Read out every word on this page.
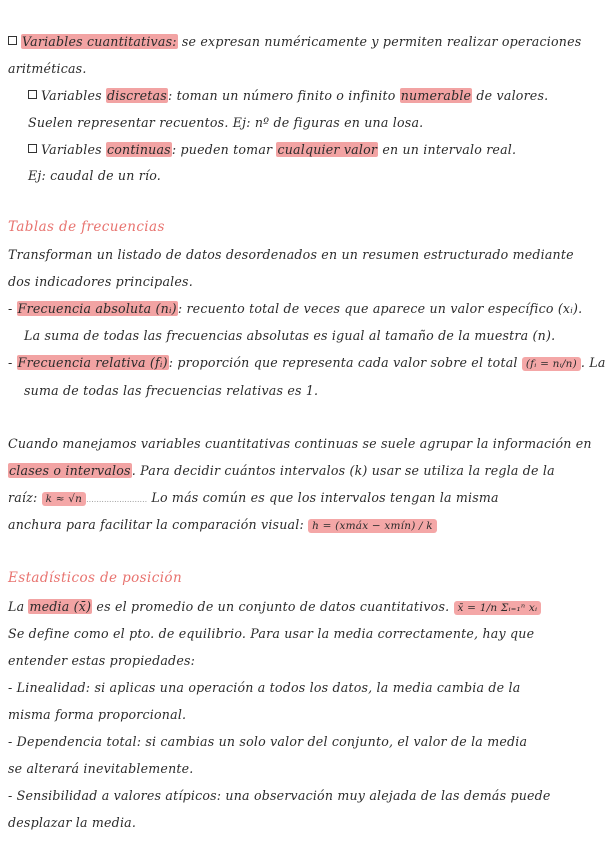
Variables cuantitativas: se expresan numéricamente y permiten realizar operaciones
aritméticas.
Variables discretas: toman un número finito o infinito numerable de valores.
Suelen representar recuentos. Ej: nº de figuras en una losa.
Variables continuas: pueden tomar cualquier valor en un intervalo real.
Ej: caudal de un río.
Tablas de frecuencias
Transforman un listado de datos desordenados en un resumen estructurado mediante
dos indicadores principales.
- Frecuencia absoluta (nᵢ): recuento total de veces que aparece un valor específico (xᵢ).
La suma de todas las frecuencias absolutas es igual al tamaño de la muestra (n).
- Frecuencia relativa (fᵢ): proporción que representa cada valor sobre el total (fᵢ = nᵢ/n) . La
suma de todas las frecuencias relativas es 1.
Cuando manejamos variables cuantitativas continuas se suele agrupar la información en
clases o intervalos. Para decidir cuántos intervalos (k) usar se utiliza la regla de la
raíz: k ≈ √n ........................ Lo más común es que los intervalos tengan la misma
anchura para facilitar la comparación visual: h = (xmáx − xmín) / k
Estadísticos de posición
La media (x̄) es el promedio de un conjunto de datos cuantitativos. x̄ = 1/n Σᵢ₌₁ⁿ xᵢ
Se define como el pto. de equilibrio. Para usar la media correctamente, hay que
entender estas propiedades:
- Linealidad: si aplicas una operación a todos los datos, la media cambia de la
misma forma proporcional.
- Dependencia total: si cambias un solo valor del conjunto, el valor de la media
se alterará inevitablemente.
- Sensibilidad a valores atípicos: una observación muy alejada de las demás puede
desplazar la media.
